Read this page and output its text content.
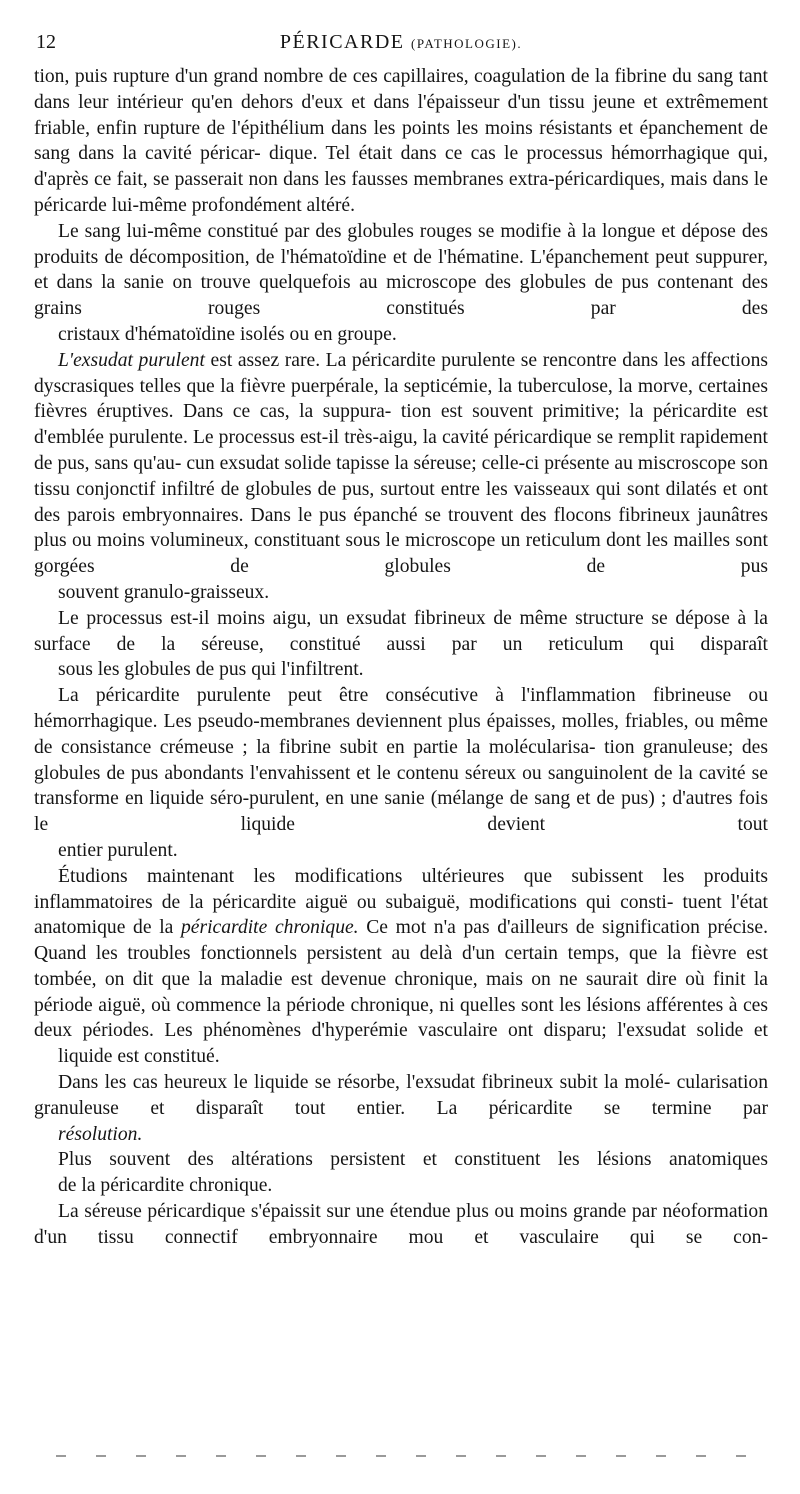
12	PÉRICARDE (PATHOLOGIE).

tion, puis rupture d'un grand nombre de ces capillaires, coagulation de la fibrine du sang tant dans leur intérieur qu'en dehors d'eux et dans l'épaisseur d'un tissu jeune et extrêmement friable, enfin rupture de l'épithélium dans les points les moins résistants et épanchement de sang dans la cavité péricar- dique. Tel était dans ce cas le processus hémorrhagique qui, d'après ce fait, se passerait non dans les fausses membranes extra-péricardiques, mais dans le
péricarde lui-même profondément altéré.

Le sang lui-même constitué par des globules rouges se modifie à la longue et dépose des produits de décomposition, de l'hématoïdine et de l'hématine. L'épanchement peut suppurer, et dans la sanie on trouve quelquefois au microscope des globules de pus contenant des grains rouges constitués par des
cristaux d'hématoïdine isolés ou en groupe.

L'exsudat purulent est assez rare. La péricardite purulente se rencontre dans les affections dyscrasiques telles que la fièvre puerpérale, la septicémie, la tuberculose, la morve, certaines fièvres éruptives. Dans ce cas, la suppura- tion est souvent primitive; la péricardite est d'emblée purulente. Le processus est-il très-aigu, la cavité péricardique se remplit rapidement de pus, sans qu'au- cun exsudat solide tapisse la séreuse; celle-ci présente au miscroscope son tissu conjonctif infiltré de globules de pus, surtout entre les vaisseaux qui sont dilatés et ont des parois embryonnaires. Dans le pus épanché se trouvent des flocons fibrineux jaunâtres plus ou moins volumineux, constituant sous le microscope un reticulum dont les mailles sont gorgées de globules de pus
souvent granulo-graisseux.

Le processus est-il moins aigu, un exsudat fibrineux de même structure se dépose à la surface de la séreuse, constitué aussi par un reticulum qui disparaît
sous les globules de pus qui l'infiltrent.

La péricardite purulente peut être consécutive à l'inflammation fibrineuse ou hémorrhagique. Les pseudo-membranes deviennent plus épaisses, molles, friables, ou même de consistance crémeuse ; la fibrine subit en partie la molécularisa- tion granuleuse; des globules de pus abondants l'envahissent et le contenu séreux ou sanguinolent de la cavité se transforme en liquide séro-purulent, en une sanie (mélange de sang et de pus) ; d'autres fois le liquide devient tout
entier purulent.

Étudions maintenant les modifications ultérieures que subissent les produits inflammatoires de la péricardite aiguë ou subaiguë, modifications qui consti- tuent l'état anatomique de la péricardite chronique. Ce mot n'a pas d'ailleurs de signification précise. Quand les troubles fonctionnels persistent au delà d'un certain temps, que la fièvre est tombée, on dit que la maladie est devenue chronique, mais on ne saurait dire où finit la période aiguë, où commence la période chronique, ni quelles sont les lésions afférentes à ces deux périodes. Les phénomènes d'hyperémie vasculaire ont disparu; l'exsudat solide et
liquide est constitué.

Dans les cas heureux le liquide se résorbe, l'exsudat fibrineux subit la molé- cularisation granuleuse et disparaît tout entier. La péricardite se termine par
résolution.

Plus souvent des altérations persistent et constituent les lésions anatomiques
de la péricardite chronique.

La séreuse péricardique s'épaissit sur une étendue plus ou moins grande par néoformation d'un tissu connectif embryonnaire mou et vasculaire qui se con-
